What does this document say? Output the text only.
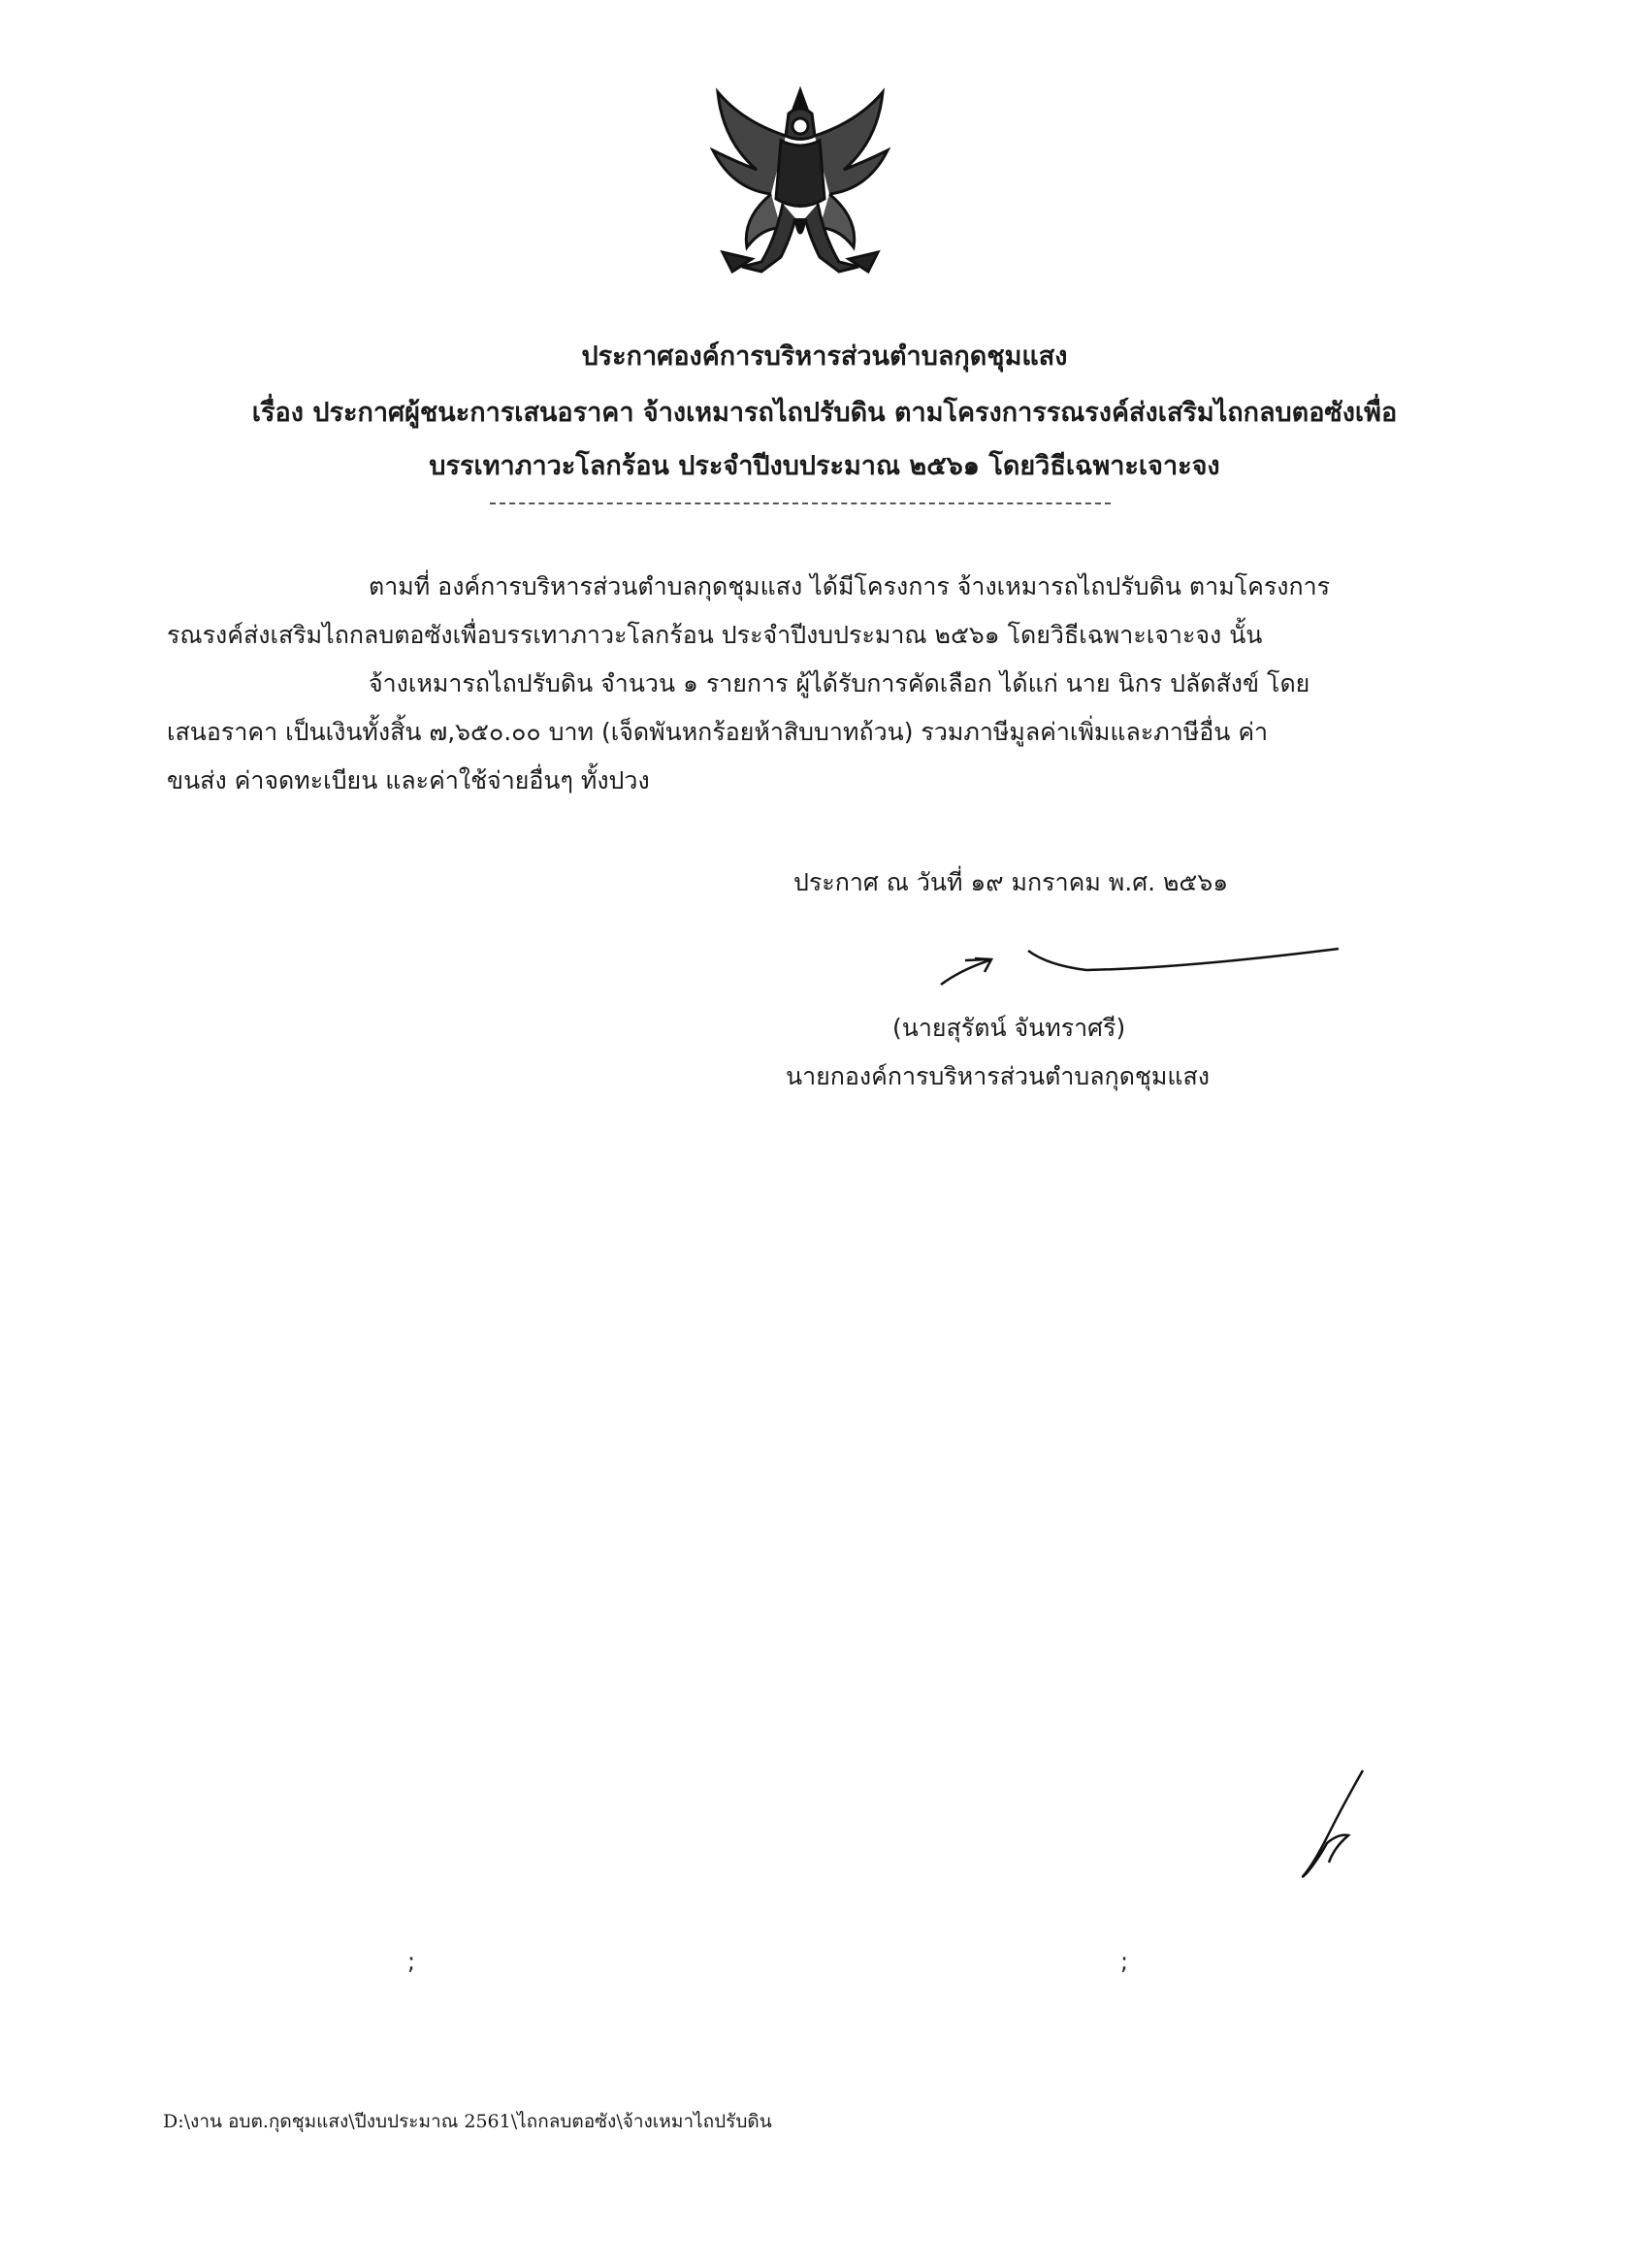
ประกาศองค์การบริหารส่วนตำบลกุดชุมแสง
เรื่อง ประกาศผู้ชนะการเสนอราคา จ้างเหมารถไถปรับดิน ตามโครงการรณรงค์ส่งเสริมไถกลบตอซังเพื่อ
บรรเทาภาวะโลกร้อน ประจำปีงบประมาณ ๒๕๖๑ โดยวิธีเฉพาะเจาะจง
ตามที่ องค์การบริหารส่วนตำบลกุดชุมแสง ได้มีโครงการ จ้างเหมารถไถปรับดิน ตามโครงการ
รณรงค์ส่งเสริมไถกลบตอซังเพื่อบรรเทาภาวะโลกร้อน ประจำปีงบประมาณ ๒๕๖๑ โดยวิธีเฉพาะเจาะจง นั้น
จ้างเหมารถไถปรับดิน จำนวน ๑ รายการ ผู้ได้รับการคัดเลือก ได้แก่ นาย นิกร ปลัดสังข์ โดย
เสนอราคา เป็นเงินทั้งสิ้น ๗,๖๕๐.๐๐ บาท (เจ็ดพันหกร้อยห้าสิบบาทถ้วน) รวมภาษีมูลค่าเพิ่มและภาษีอื่น ค่า
ขนส่ง ค่าจดทะเบียน และค่าใช้จ่ายอื่นๆ ทั้งปวง
ประกาศ ณ วันที่ ๑๙ มกราคม พ.ศ. ๒๕๖๑
(นายสุรัตน์ จันทราศรี)
นายกองค์การบริหารส่วนตำบลกุดชุมแสง
;	;
D:\งาน อบต.กุดชุมแสง\ปีงบประมาณ 2561\ไถกลบตอซัง\จ้างเหมาไถปรับดิน
